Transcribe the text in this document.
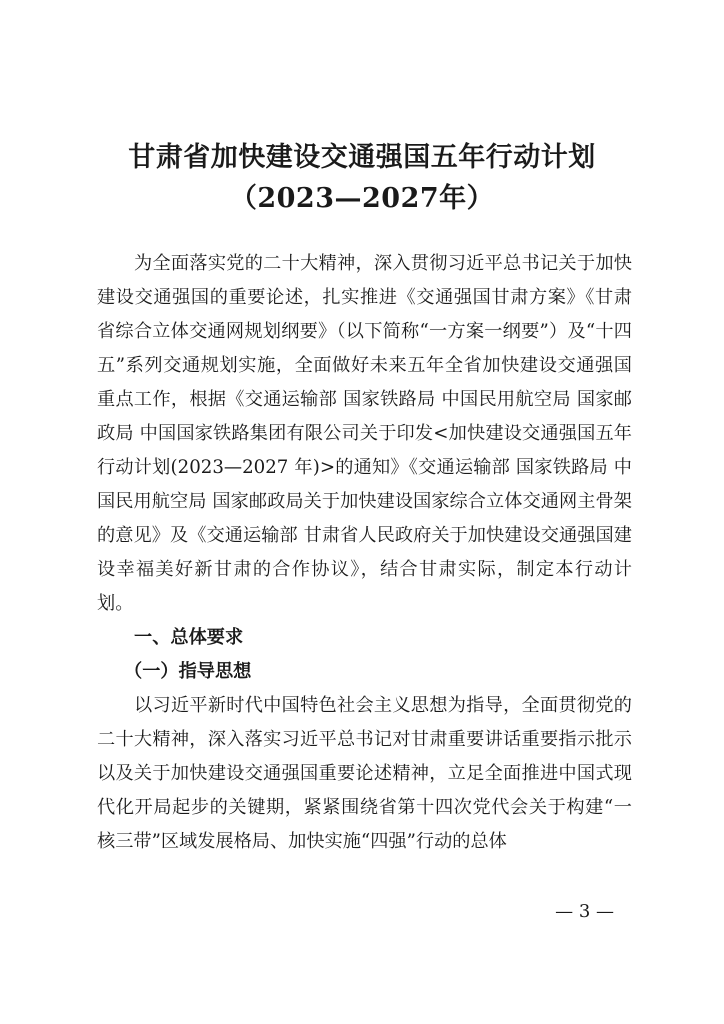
甘肃省加快建设交通强国五年行动计划
（2023—2027年）

为全面落实党的二十大精神，深入贯彻习近平总书记关于加快建设交通强国的重要论述，扎实推进《交通强国甘肃方案》《甘肃省综合立体交通网规划纲要》（以下简称“一方案一纲要”）及“十四五”系列交通规划实施，全面做好未来五年全省加快建设交通强国重点工作，根据《交通运输部 国家铁路局 中国民用航空局 国家邮政局 中国国家铁路集团有限公司关于印发<加快建设交通强国五年行动计划(2023—2027 年)>的通知》《交通运输部 国家铁路局 中国民用航空局 国家邮政局关于加快建设国家综合立体交通网主骨架的意见》及《交通运输部 甘肃省人民政府关于加快建设交通强国建设幸福美好新甘肃的合作协议》，结合甘肃实际，制定本行动计划。

一、总体要求

（一）指导思想

以习近平新时代中国特色社会主义思想为指导，全面贯彻党的二十大精神，深入落实习近平总书记对甘肃重要讲话重要指示批示以及关于加快建设交通强国重要论述精神，立足全面推进中国式现代化开局起步的关键期，紧紧围绕省第十四次党代会关于构建“一核三带”区域发展格局、加快实施“四强”行动的总体

— 3 —
